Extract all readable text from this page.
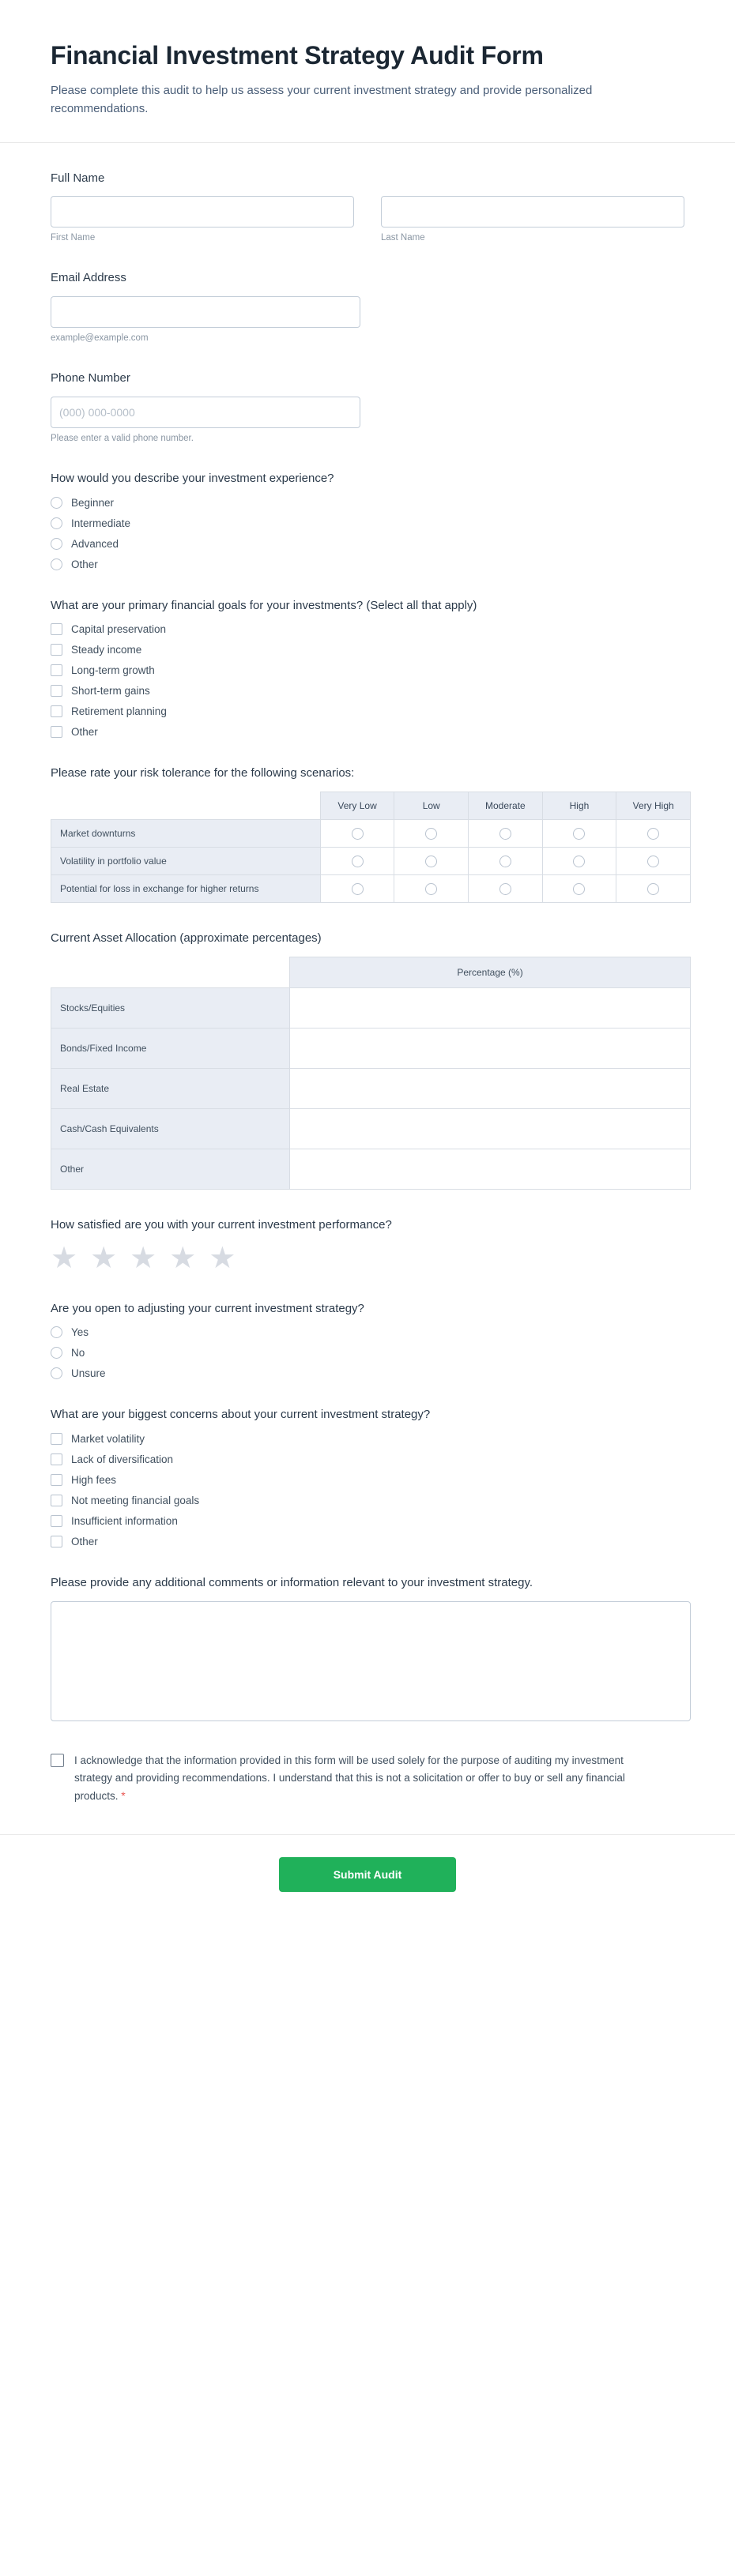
Financial Investment Strategy Audit Form

Please complete this audit to help us assess your current investment strategy and provide personalized recommendations.

Full Name
First Name	Last Name
Email Address
example@example.com
Phone Number
(000) 000-0000
Please enter a valid phone number.
How would you describe your investment experience?
Beginner
Intermediate
Advanced
Other
What are your primary financial goals for your investments? (Select all that apply)
Capital preservation
Steady income
Long-term growth
Short-term gains
Retirement planning
Other
Please rate your risk tolerance for the following scenarios:
	Very Low	Low	Moderate	High	Very High
Market downturns					
Volatility in portfolio value					
Potential for loss in exchange for higher returns					
Current Asset Allocation (approximate percentages)
	Percentage (%)
Stocks/Equities	
Bonds/Fixed Income	
Real Estate	
Cash/Cash Equivalents	
Other	
How satisfied are you with your current investment performance?
★ ★ ★ ★ ★
Are you open to adjusting your current investment strategy?
Yes
No
Unsure
What are your biggest concerns about your current investment strategy?
Market volatility
Lack of diversification
High fees
Not meeting financial goals
Insufficient information
Other
Please provide any additional comments or information relevant to your investment strategy.
I acknowledge that the information provided in this form will be used solely for the purpose of auditing my investment strategy and providing recommendations. I understand that this is not a solicitation or offer to buy or sell any financial products. *
Submit Audit
